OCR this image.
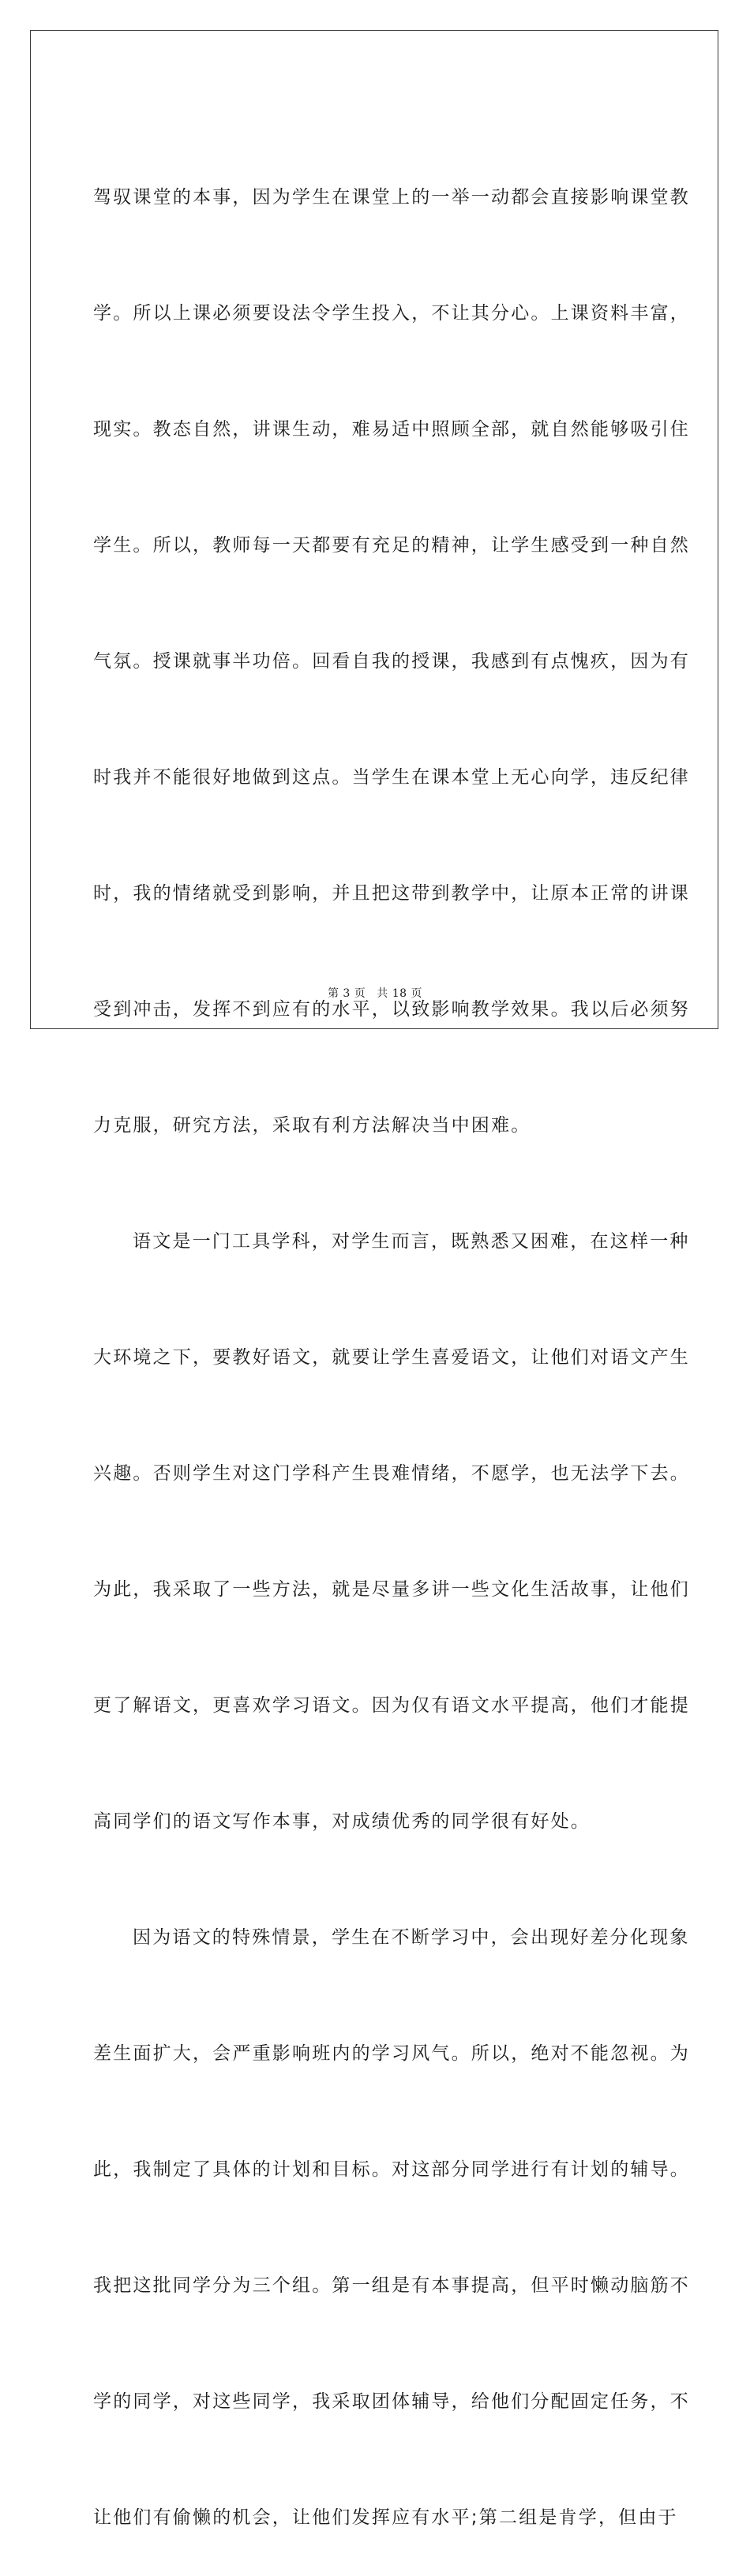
驾驭课堂的本事，因为学生在课堂上的一举一动都会直接影响课堂教

学。所以上课必须要设法令学生投入，不让其分心。上课资料丰富，

现实。教态自然，讲课生动，难易适中照顾全部，就自然能够吸引住

学生。所以，教师每一天都要有充足的精神，让学生感受到一种自然

气氛。授课就事半功倍。回看自我的授课，我感到有点愧疚，因为有

时我并不能很好地做到这点。当学生在课本堂上无心向学，违反纪律

时，我的情绪就受到影响，并且把这带到教学中，让原本正常的讲课

受到冲击，发挥不到应有的水平，以致影响教学效果。我以后必须努

力克服，研究方法，采取有利方法解决当中困难。

语文是一门工具学科，对学生而言，既熟悉又困难，在这样一种

大环境之下，要教好语文，就要让学生喜爱语文，让他们对语文产生

兴趣。否则学生对这门学科产生畏难情绪，不愿学，也无法学下去。

为此，我采取了一些方法，就是尽量多讲一些文化生活故事，让他们

更了解语文，更喜欢学习语文。因为仅有语文水平提高，他们才能提

高同学们的语文写作本事，对成绩优秀的同学很有好处。

因为语文的特殊情景，学生在不断学习中，会出现好差分化现象

差生面扩大，会严重影响班内的学习风气。所以，绝对不能忽视。为

此，我制定了具体的计划和目标。对这部分同学进行有计划的辅导。

我把这批同学分为三个组。第一组是有本事提高，但平时懒动脑筋不

学的同学，对这些同学，我采取团体辅导，给他们分配固定任务，不

让他们有偷懒的机会，让他们发挥应有水平;第二组是肯学，但由于

第 3 页 共 18 页
